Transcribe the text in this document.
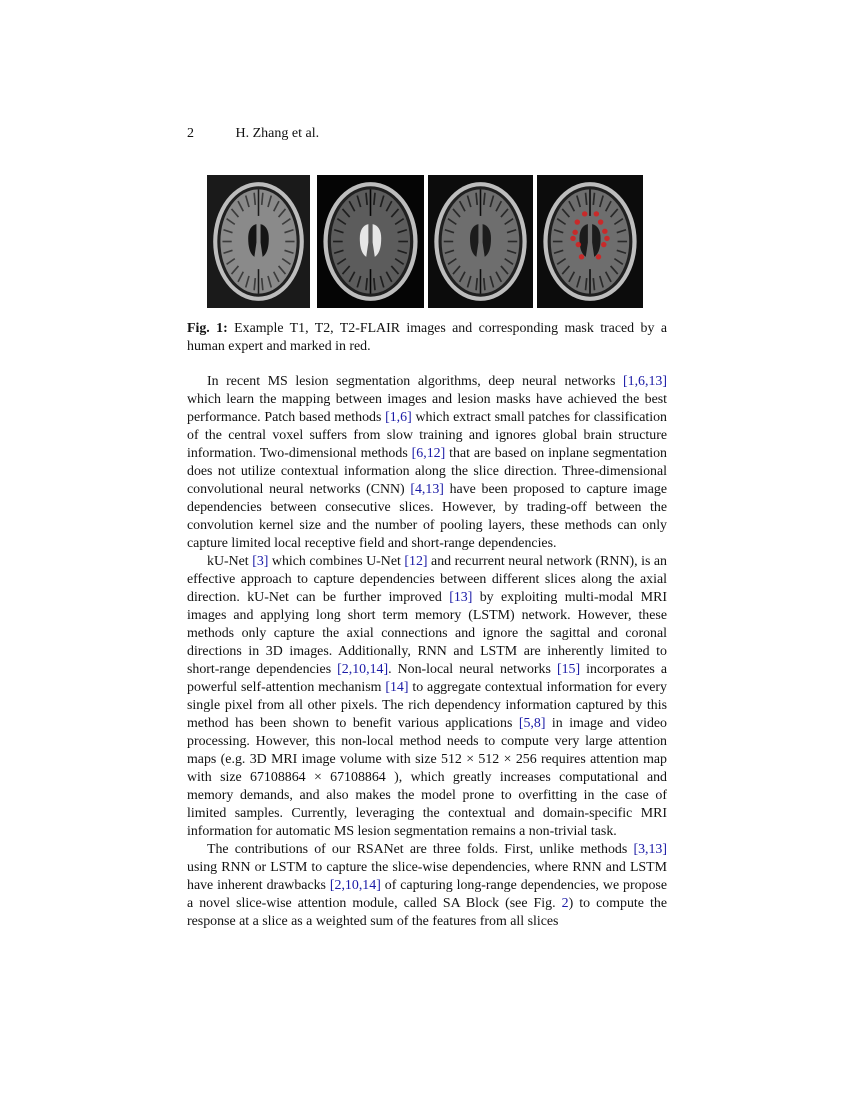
2	H. Zhang et al.
Fig. 1: Example T1, T2, T2-FLAIR images and corresponding mask traced by a human expert and marked in red.

In recent MS lesion segmentation algorithms, deep neural networks [1,6,13] which learn the mapping between images and lesion masks have achieved the best performance. Patch based methods [1,6] which extract small patches for classification of the central voxel suffers from slow training and ignores global brain structure information. Two-dimensional methods [6,12] that are based on inplane segmentation does not utilize contextual information along the slice direction. Three-dimensional convolutional neural networks (CNN) [4,13] have been proposed to capture image dependencies between consecutive slices. However, by trading-off between the convolution kernel size and the number of pooling layers, these methods can only capture limited local receptive field and short-range dependencies.

kU-Net [3] which combines U-Net [12] and recurrent neural network (RNN), is an effective approach to capture dependencies between different slices along the axial direction. kU-Net can be further improved [13] by exploiting multi-modal MRI images and applying long short term memory (LSTM) network. However, these methods only capture the axial connections and ignore the sagittal and coronal directions in 3D images. Additionally, RNN and LSTM are inherently limited to short-range dependencies [2,10,14]. Non-local neural networks [15] incorporates a powerful self-attention mechanism [14] to aggregate contextual information for every single pixel from all other pixels. The rich dependency information captured by this method has been shown to benefit various applications [5,8] in image and video processing. However, this non-local method needs to compute very large attention maps (e.g. 3D MRI image volume with size 512 × 512 × 256 requires attention map with size 67108864 × 67108864 ), which greatly increases computational and memory demands, and also makes the model prone to overfitting in the case of limited samples. Currently, leveraging the contextual and domain-specific MRI information for automatic MS lesion segmentation remains a non-trivial task.

The contributions of our RSANet are three folds. First, unlike methods [3,13] using RNN or LSTM to capture the slice-wise dependencies, where RNN and LSTM have inherent drawbacks [2,10,14] of capturing long-range dependencies, we propose a novel slice-wise attention module, called SA Block (see Fig. 2) to compute the response at a slice as a weighted sum of the features from all slices
